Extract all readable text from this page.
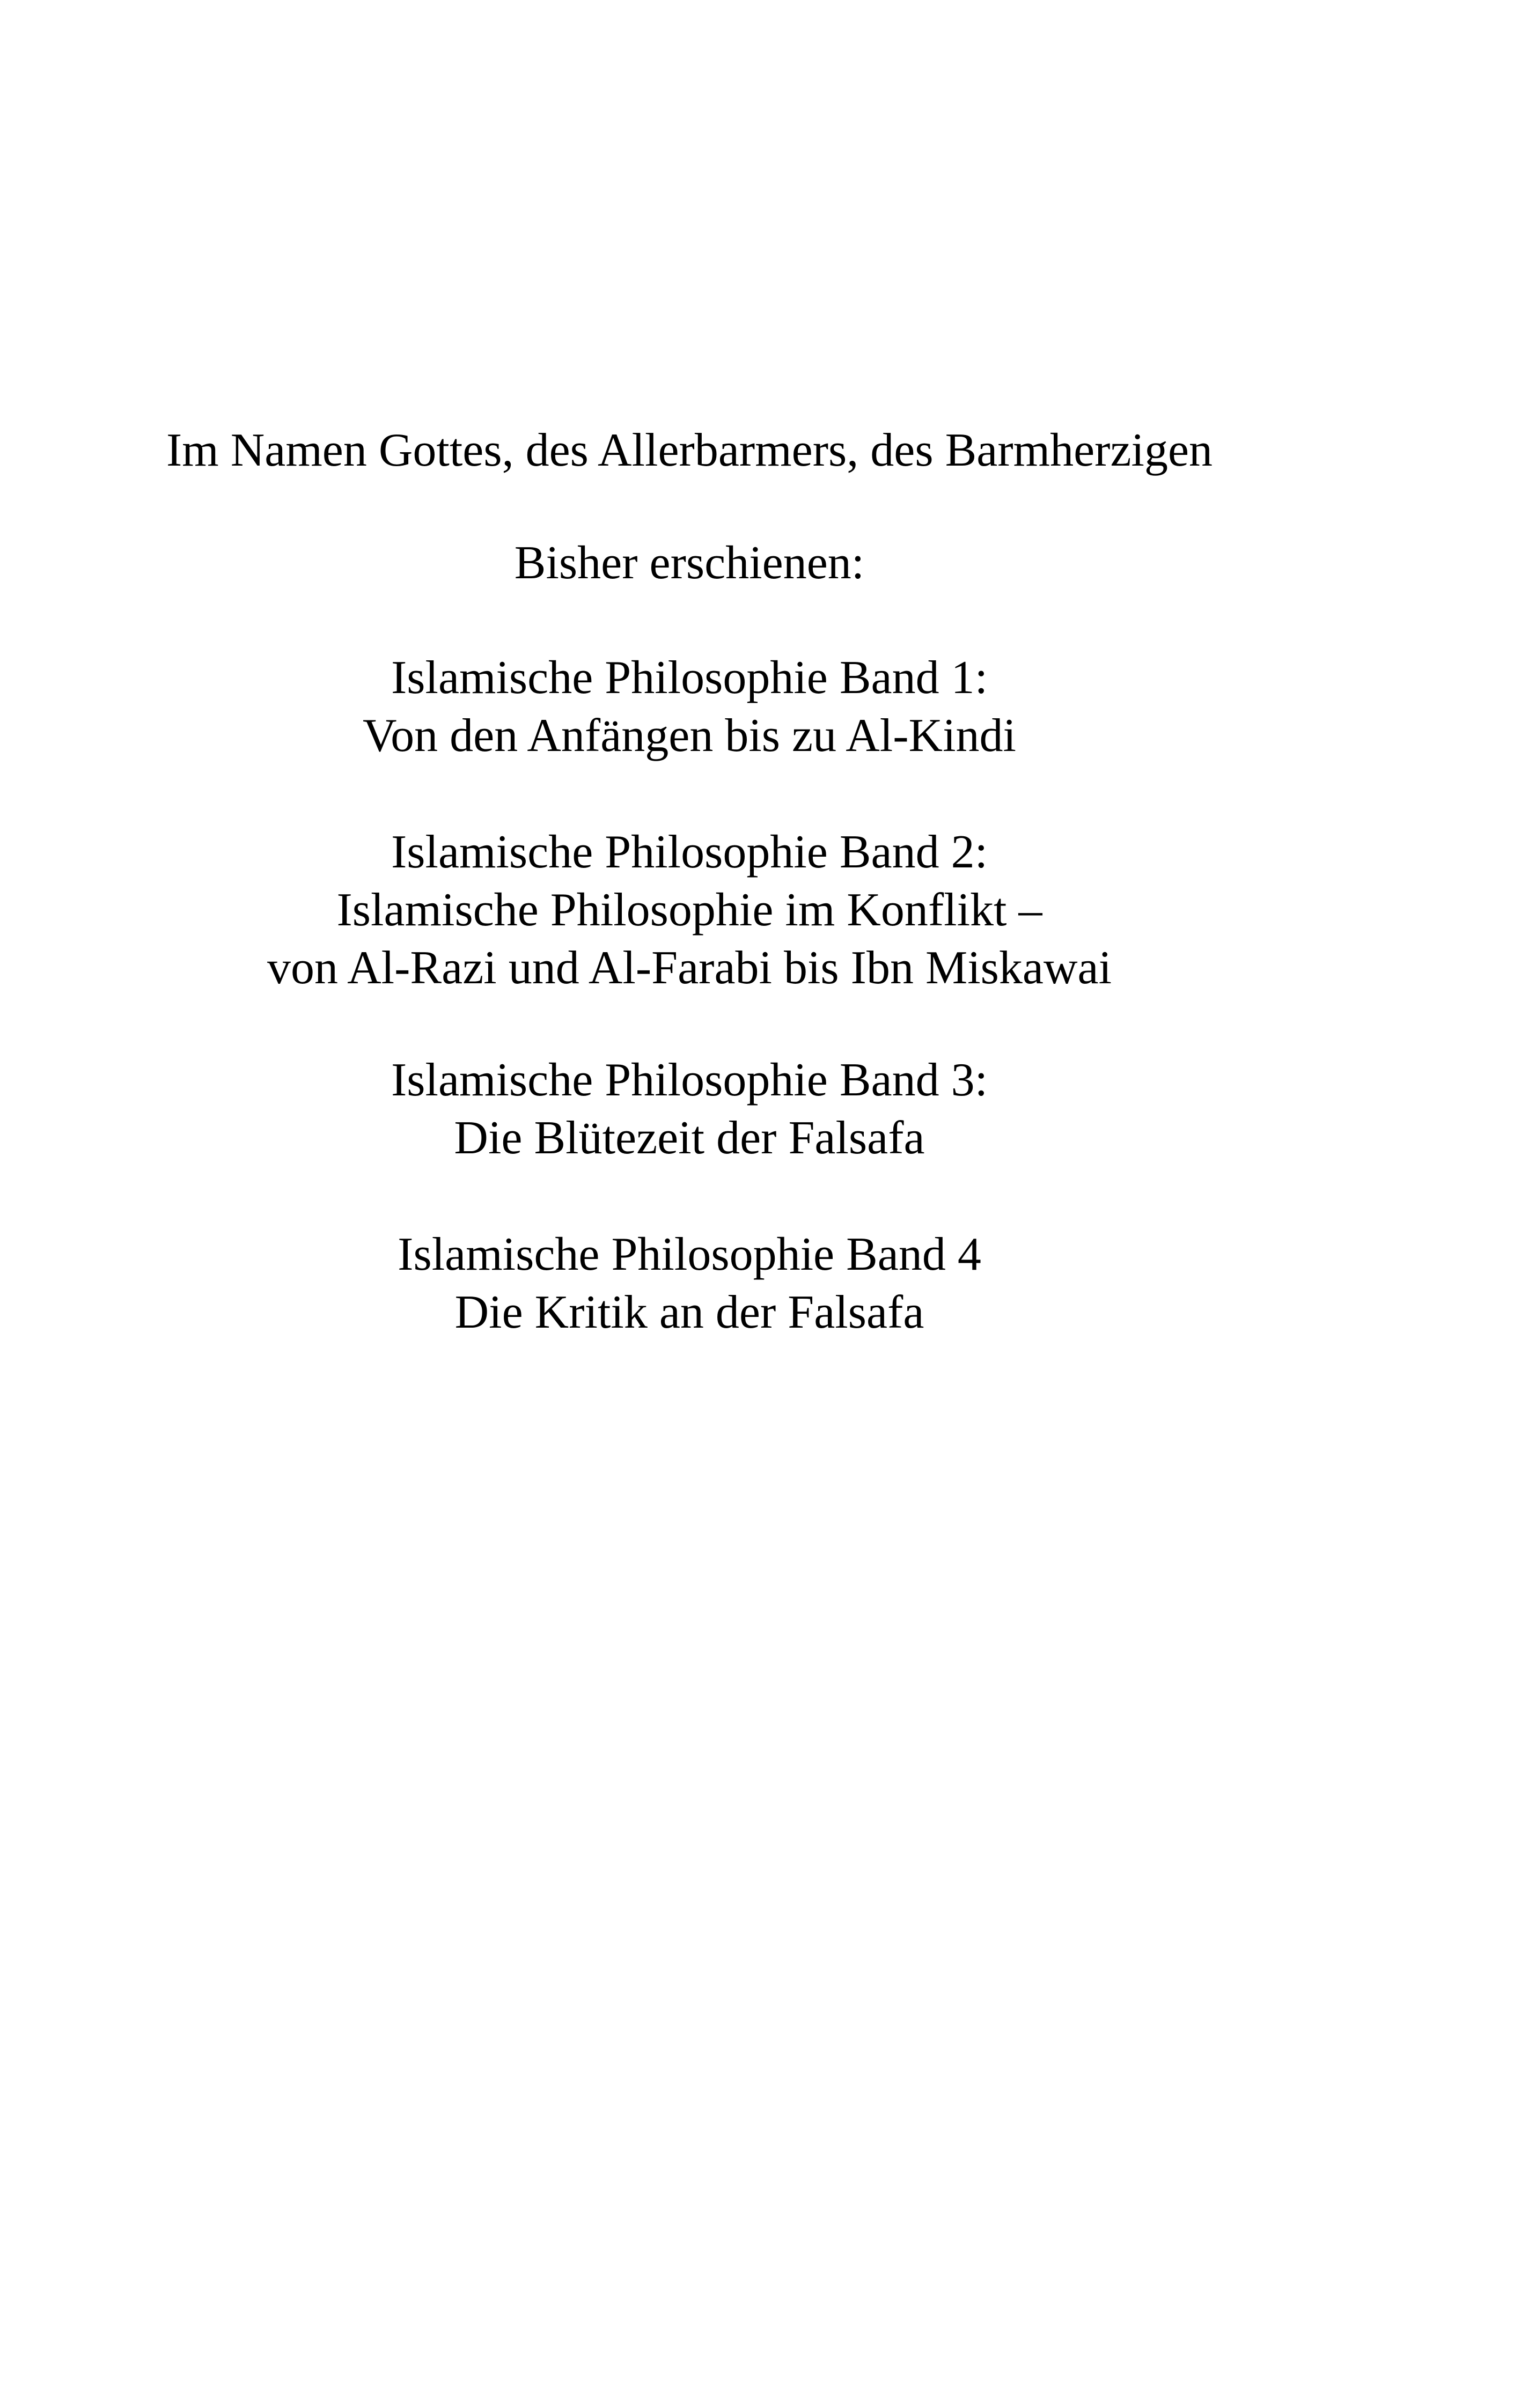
Im Namen Gottes, des Allerbarmers, des Barmherzigen
Bisher erschienen:
Islamische Philosophie Band 1:
Von den Anfängen bis zu Al-Kindi
Islamische Philosophie Band 2:
Islamische Philosophie im Konflikt –
von Al-Razi und Al-Farabi bis Ibn Miskawai
Islamische Philosophie Band 3:
Die Blütezeit der Falsafa
Islamische Philosophie Band 4
Die Kritik an der Falsafa
